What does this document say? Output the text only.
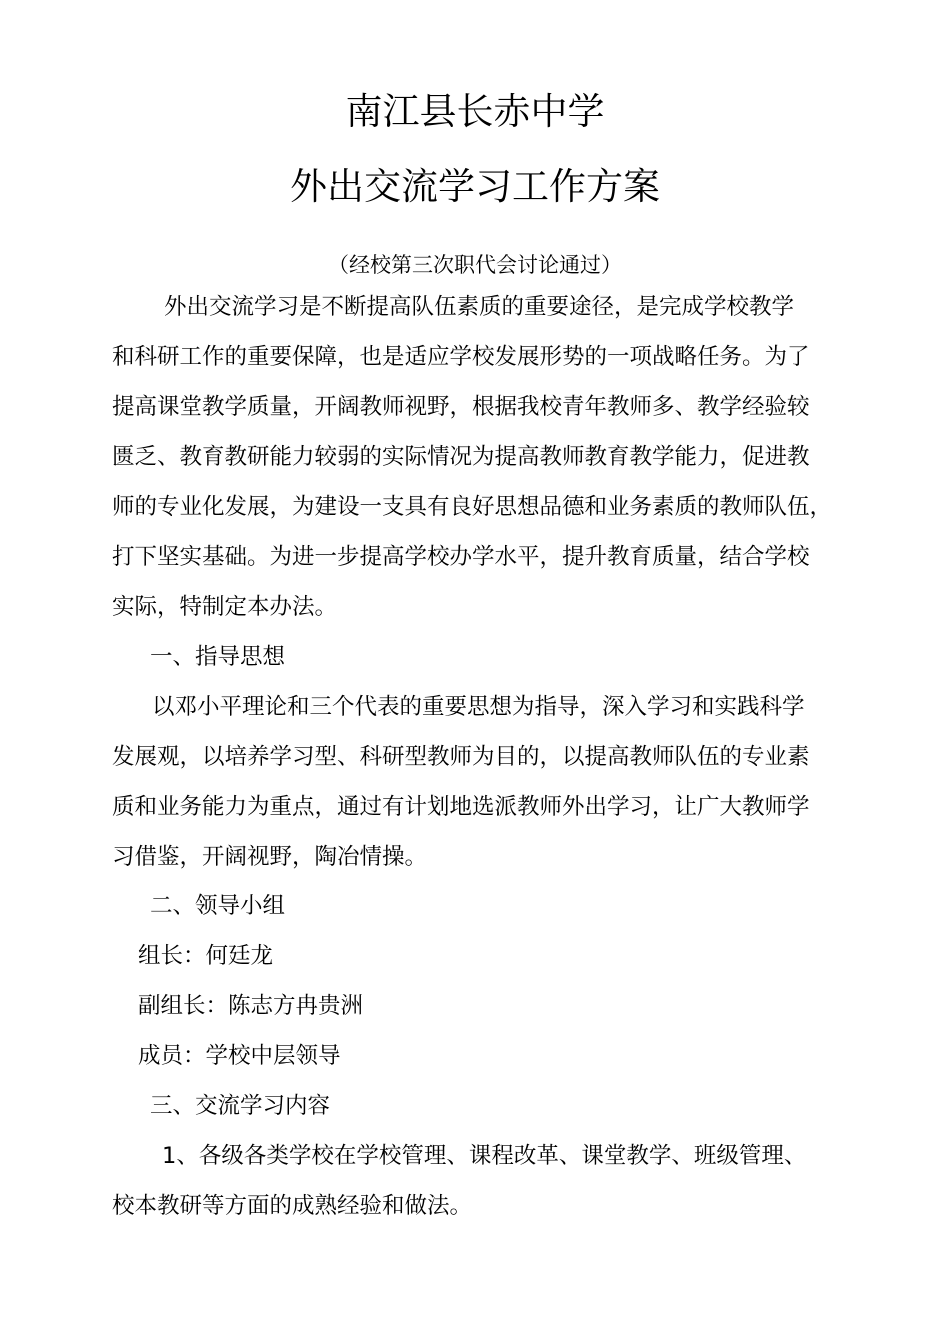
南江县长赤中学
外出交流学习工作方案
（经校第三次职代会讨论通过）
外出交流学习是不断提高队伍素质的重要途径，是完成学校教学
和科研工作的重要保障，也是适应学校发展形势的一项战略任务。为了
提高课堂教学质量，开阔教师视野，根据我校青年教师多、教学经验较
匮乏、教育教研能力较弱的实际情况为提高教师教育教学能力，促进教
师的专业化发展，为建设一支具有良好思想品德和业务素质的教师队伍，
打下坚实基础。为进一步提高学校办学水平，提升教育质量，结合学校
实际，特制定本办法。
一、指导思想
以邓小平理论和三个代表的重要思想为指导，深入学习和实践科学
发展观，以培养学习型、科研型教师为目的，以提高教师队伍的专业素
质和业务能力为重点，通过有计划地选派教师外出学习，让广大教师学
习借鉴，开阔视野，陶冶情操。
二、领导小组
组长：何廷龙
副组长：陈志方冉贵洲
成员：学校中层领导
三、交流学习内容
1、各级各类学校在学校管理、课程改革、课堂教学、班级管理、
校本教研等方面的成熟经验和做法。
